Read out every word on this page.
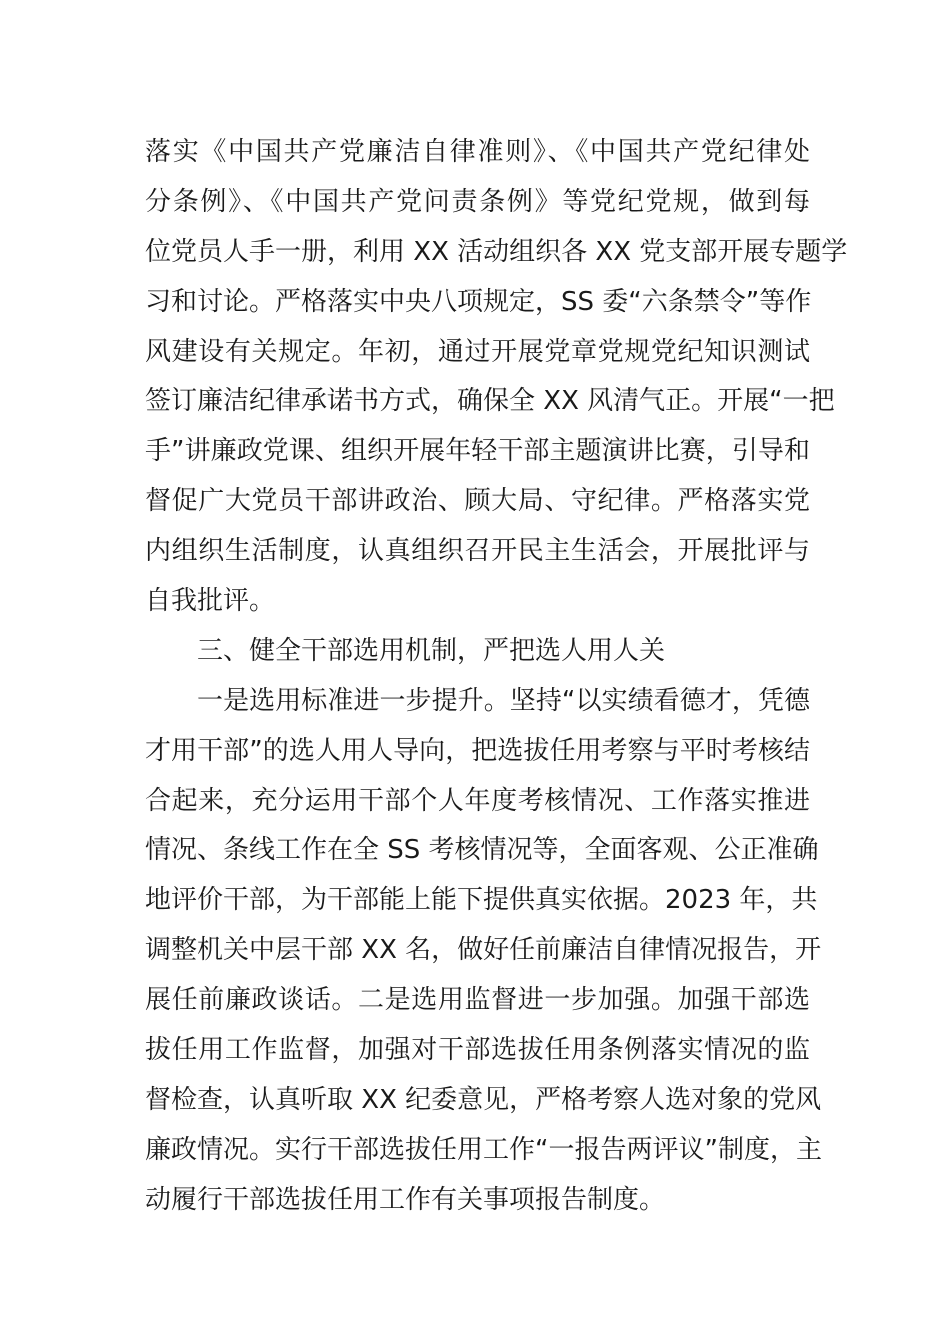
落实《中国共产党廉洁自律准则》、《中国共产党纪律处
分条例》、《中国共产党问责条例》等党纪党规，做到每
位党员人手一册，利用 XX 活动组织各 XX 党支部开展专题学
习和讨论。严格落实中央八项规定，SS 委“六条禁令”等作
风建设有关规定。年初，通过开展党章党规党纪知识测试
签订廉洁纪律承诺书方式，确保全 XX 风清气正。开展“一把
手”讲廉政党课、组织开展年轻干部主题演讲比赛，引导和
督促广大党员干部讲政治、顾大局、守纪律。严格落实党
内组织生活制度，认真组织召开民主生活会，开展批评与
自我批评。
三、健全干部选用机制，严把选人用人关
一是选用标准进一步提升。坚持“以实绩看德才，凭德
才用干部”的选人用人导向，把选拔任用考察与平时考核结
合起来，充分运用干部个人年度考核情况、工作落实推进
情况、条线工作在全 SS 考核情况等，全面客观、公正准确
地评价干部，为干部能上能下提供真实依据。2023 年，共
调整机关中层干部 XX 名，做好任前廉洁自律情况报告，开
展任前廉政谈话。二是选用监督进一步加强。加强干部选
拔任用工作监督，加强对干部选拔任用条例落实情况的监
督检查，认真听取 XX 纪委意见，严格考察人选对象的党风
廉政情况。实行干部选拔任用工作“一报告两评议”制度，主
动履行干部选拔任用工作有关事项报告制度。
